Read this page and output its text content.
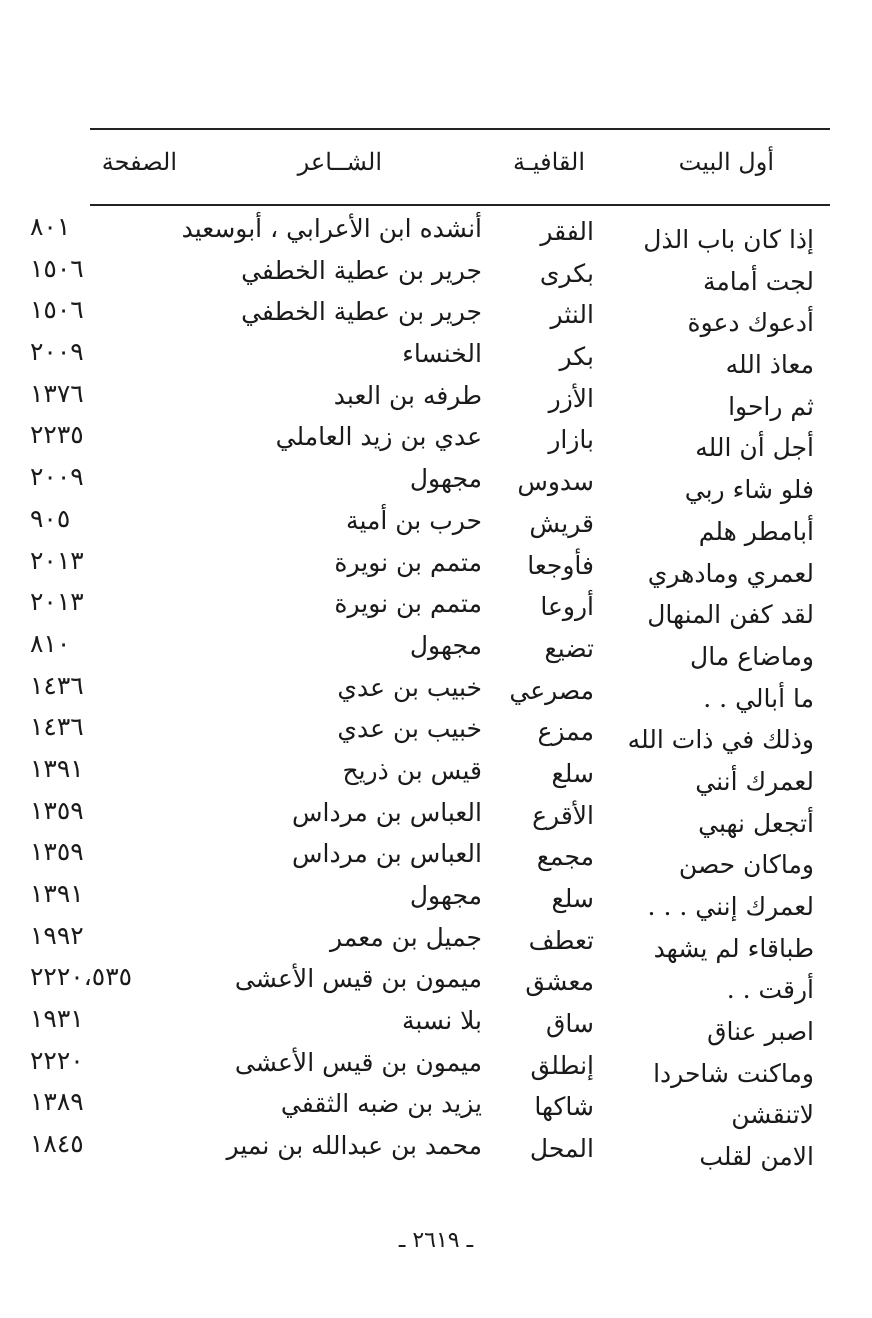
أول البيت
القافيـة
الشــاعر
الصفحة
إذا كان باب الذل
الفقر
أنشده ابن الأعرابي ، أبوسعيد
٨٠١
لجت أمامة
بكرى
جرير بن عطية الخطفي
١٥٠٦
أدعوك دعوة
النثر
جرير بن عطية الخطفي
١٥٠٦
معاذ الله
بكر
الخنساء
٢٠٠٩
ثم راحوا
الأزر
طرفه بن العبد
١٣٧٦
أجل أن الله
بازار
عدي بن زيد العاملي
٢٢٣٥
فلو شاء ربي
سدوس
مجهول
٢٠٠٩
أبامطر هلم
قريش
حرب بن أمية
٩٠٥
لعمري ومادهري
فأوجعا
متمم بن نويرة
٢٠١٣
لقد كفن المنهال
أروعا
متمم بن نويرة
٢٠١٣
وماضاع مال
تضيع
مجهول
٨١٠
ما أبالي . .
مصرعي
خبيب بن عدي
١٤٣٦
وذلك في ذات الله
ممزع
خبيب بن عدي
١٤٣٦
لعمرك أنني
سلع
قيس بن ذريح
١٣٩١
أتجعل نهبي
الأقرع
العباس بن مرداس
١٣٥٩
وماكان حصن
مجمع
العباس بن مرداس
١٣٥٩
لعمرك إنني . . .
سلع
مجهول
١٣٩١
طباقاء لم يشهد
تعطف
جميل بن معمر
١٩٩٢
أرقت . .
معشق
ميمون بن قيس الأعشى
٢٢٢٠،٥٣٥
اصبر عناق
ساق
بلا نسبة
١٩٣١
وماكنت شاحردا
إنطلق
ميمون بن قيس الأعشى
٢٢٢٠
لاتنقشن
شاكها
يزيد بن ضبه الثقفي
١٣٨٩
الامن لقلب
المحل
محمد بن عبدالله بن نمير
١٨٤٥
ـ ٢٦١٩ ـ
